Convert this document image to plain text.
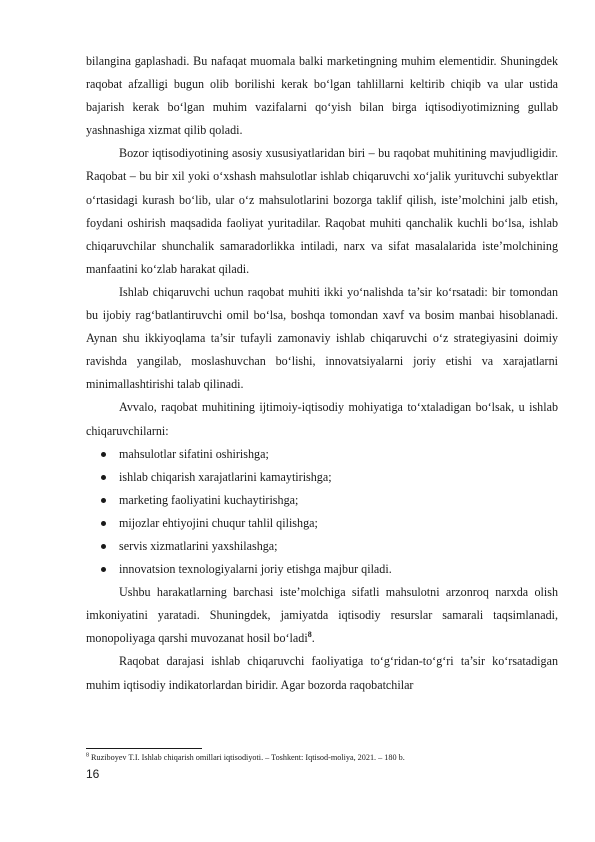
bilangina gaplashadi. Bu nafaqat muomala balki marketingning muhim elementidir. Shuningdek raqobat afzalligi bugun olib borilishi kerak bo‘lgan tahlillarni keltirib chiqib va ular ustida bajarish kerak bo‘lgan muhim vazifalarni qo‘yish bilan birga iqtisodiyotimizning gullab yashnashiga xizmat qilib qoladi.

Bozor iqtisodiyotining asosiy xususiyatlaridan biri – bu raqobat muhitining mavjudligidir. Raqobat – bu bir xil yoki o‘xshash mahsulotlar ishlab chiqaruvchi xo‘jalik yurituvchi subyektlar o‘rtasidagi kurash bo‘lib, ular o‘z mahsulotlarini bozorga taklif qilish, iste’molchini jalb etish, foydani oshirish maqsadida faoliyat yuritadilar. Raqobat muhiti qanchalik kuchli bo‘lsa, ishlab chiqaruvchilar shunchalik samaradorlikka intiladi, narx va sifat masalalarida iste’molchining manfaatini ko‘zlab harakat qiladi.

Ishlab chiqaruvchi uchun raqobat muhiti ikki yo‘nalishda ta’sir ko‘rsatadi: bir tomondan bu ijobiy rag‘batlantiruvchi omil bo‘lsa, boshqa tomondan xavf va bosim manbai hisoblanadi. Aynan shu ikkiyoqlama ta’sir tufayli zamonaviy ishlab chiqaruvchi o‘z strategiyasini doimiy ravishda yangilab, moslashuvchan bo‘lishi, innovatsiyalarni joriy etishi va xarajatlarni minimallashtirishi talab qilinadi.

Avvalo, raqobat muhitining ijtimoiy-iqtisodiy mohiyatiga to‘xtaladigan bo‘lsak, u ishlab chiqaruvchilarni:

mahsulotlar sifatini oshirishga;
ishlab chiqarish xarajatlarini kamaytirishga;
marketing faoliyatini kuchaytirishga;
mijozlar ehtiyojini chuqur tahlil qilishga;
servis xizmatlarini yaxshilashga;
innovatsion texnologiyalarni joriy etishga majbur qiladi.

Ushbu harakatlarning barchasi iste’molchiga sifatli mahsulotni arzonroq narxda olish imkoniyatini yaratadi. Shuningdek, jamiyatda iqtisodiy resurslar samarali taqsimlanadi, monopoliyaga qarshi muvozanat hosil bo‘ladi$^8$.

Raqobat darajasi ishlab chiqaruvchi faoliyatiga to‘g‘ridan-to‘g‘ri ta’sir ko‘rsatadigan muhim iqtisodiy indikatorlardan biridir. Agar bozorda raqobatchilar

$^8$ Ruziboyev T.I. Ishlab chiqarish omillari iqtisodiyoti. – Toshkent: Iqtisod-moliya, 2021. – 180 b.
16
